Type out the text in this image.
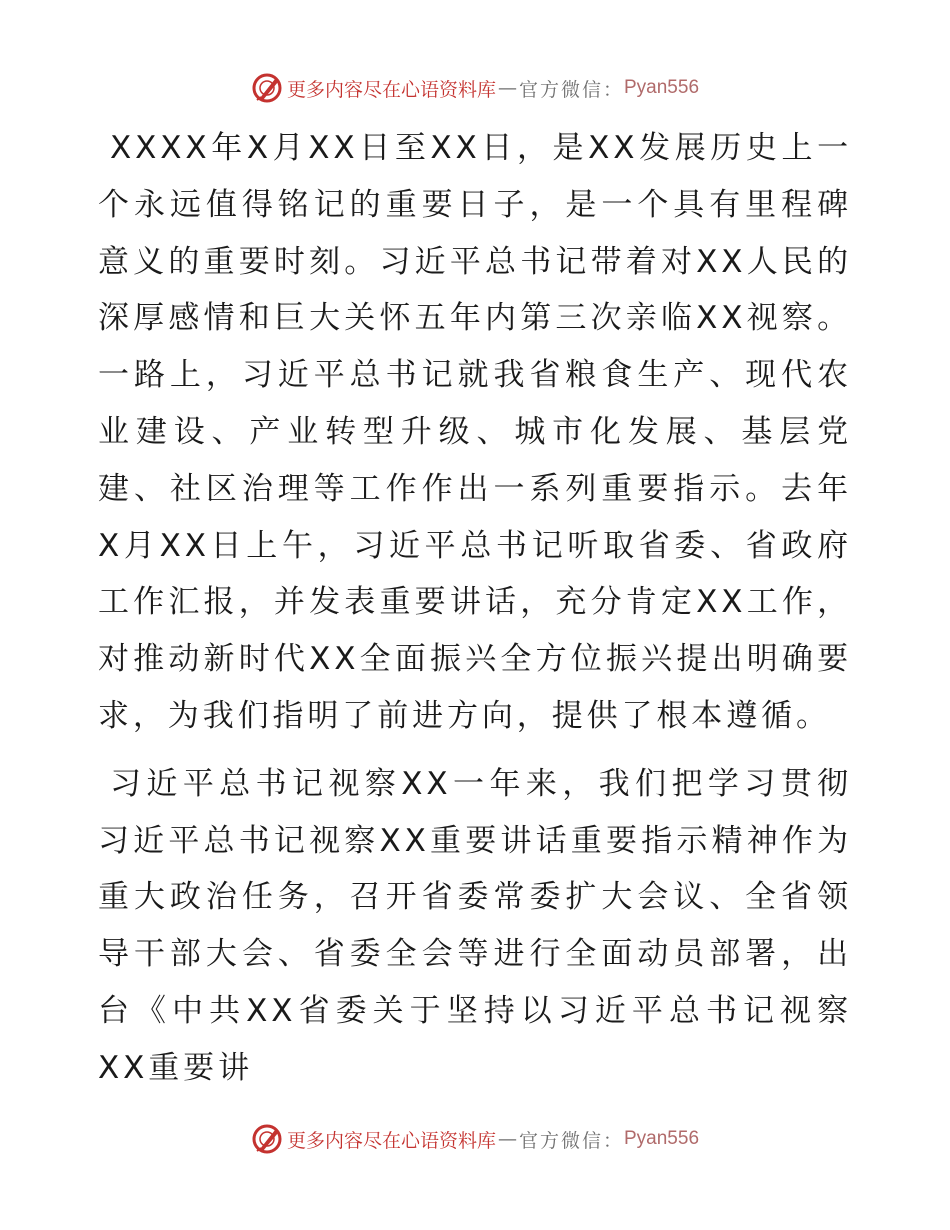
更多内容尽在心语资料库 — 官方微信： Pyan556

XXXX年X月XX日至XX日，是XX发展历史上一个永远值得铭记的重要日子，是一个具有里程碑意义的重要时刻。习近平总书记带着对XX人民的深厚感情和巨大关怀五年内第三次亲临XX视察。一路上，习近平总书记就我省粮食生产、现代农业建设、产业转型升级、城市化发展、基层党建、社区治理等工作作出一系列重要指示。去年X月XX日上午，习近平总书记听取省委、省政府工作汇报，并发表重要讲话，充分肯定XX工作，对推动新时代XX全面振兴全方位振兴提出明确要求，为我们指明了前进方向，提供了根本遵循。

习近平总书记视察XX一年来，我们把学习贯彻习近平总书记视察XX重要讲话重要指示精神作为重大政治任务，召开省委常委扩大会议、全省领导干部大会、省委全会等进行全面动员部署，出台《中共XX省委关于坚持以习近平总书记视察XX重要讲

更多内容尽在心语资料库 — 官方微信： Pyan556
